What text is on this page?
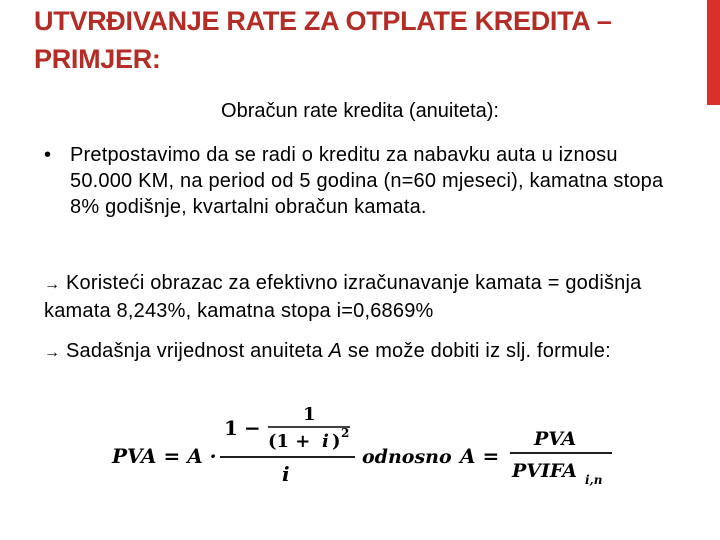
UTVRĐIVANJE RATE ZA OTPLATE KREDITA – PRIMJER:
Obračun rate kredita (anuiteta):
• Pretpostavimo da se radi o kreditu za nabavku auta u iznosu 50.000 KM, na period od 5 godina (n=60 mjeseci), kamatna stopa 8% godišnje, kvartalni obračun kamata.
→ Koristeći obrazac za efektivno izračunavanje kamata = godišnja kamata 8,243%, kamatna stopa i=0,6869%
→ Sadašnja vrijednost anuiteta A se može dobiti iz slj. formule:
PVA = A ·
1 −
1
(1 + i ) 2
i
odnosno A =
PVA
PVIFA i,n
